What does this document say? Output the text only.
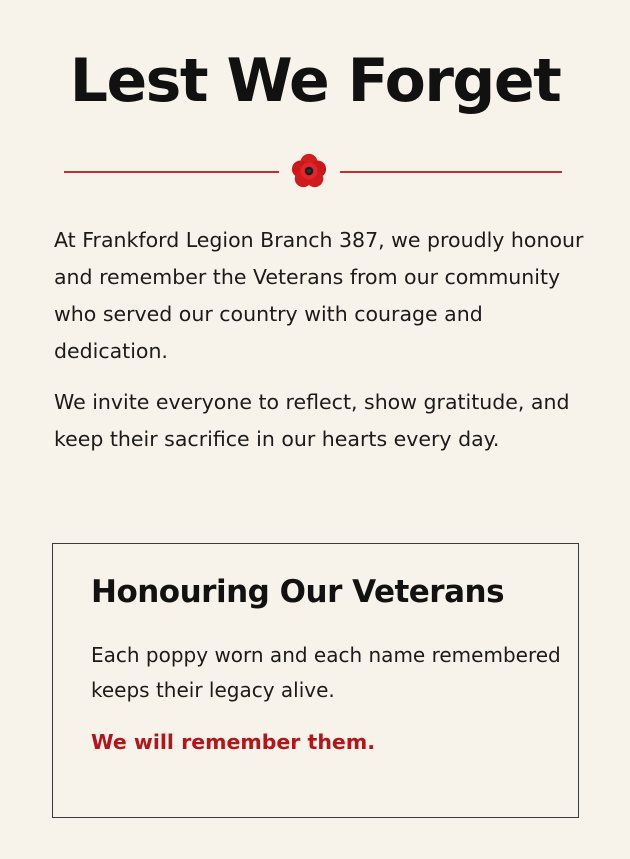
Lest We Forget

At Frankford Legion Branch 387, we proudly honour and remember the Veterans from our community who served our country with courage and dedication.

We invite everyone to reflect, show gratitude, and keep their sacrifice in our hearts every day.

Honouring Our Veterans

Each poppy worn and each name remembered keeps their legacy alive.

We will remember them.
